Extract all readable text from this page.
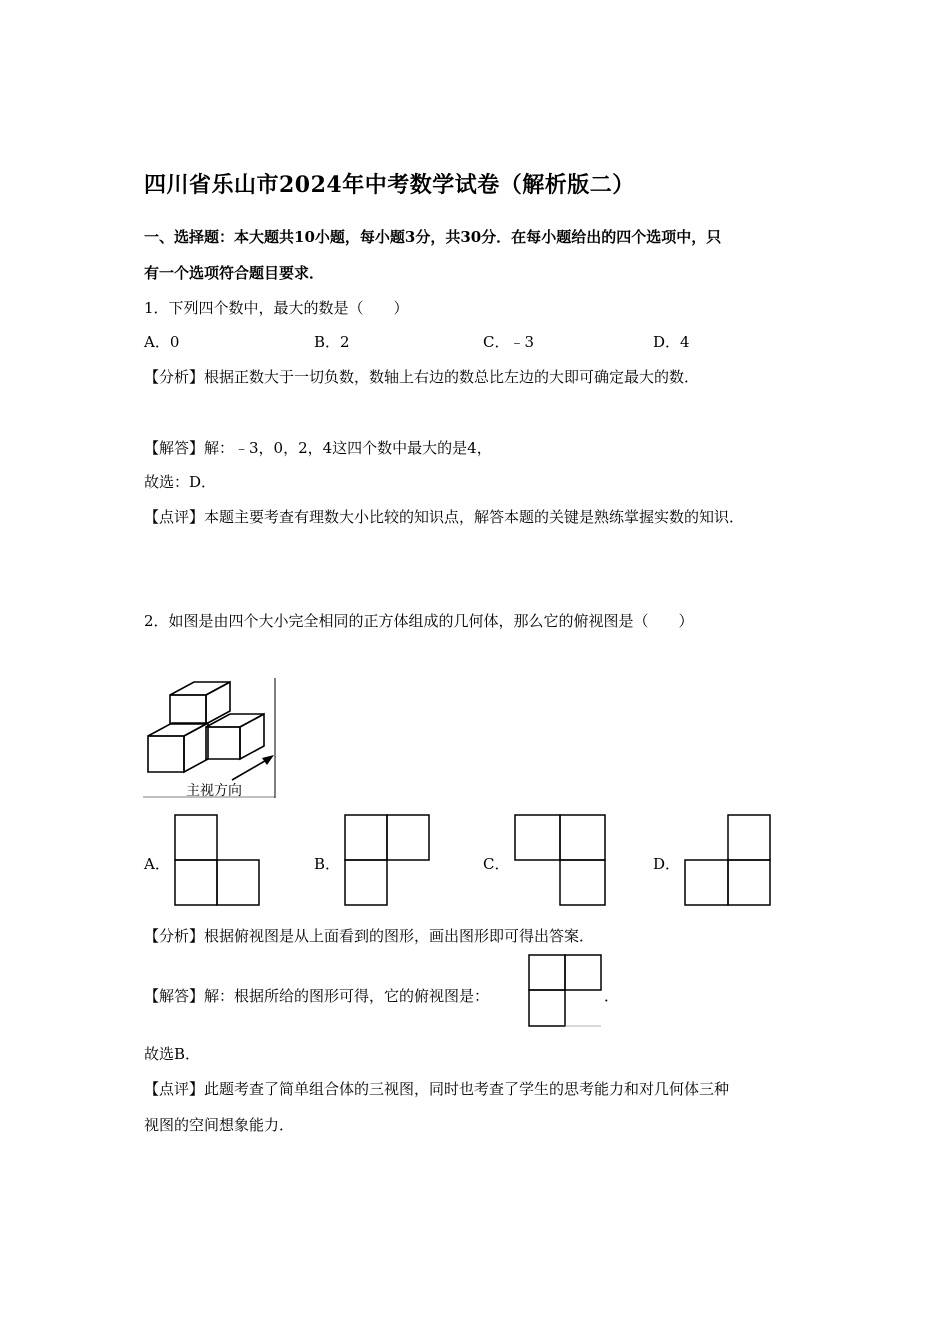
四川省乐山市2024年中考数学试卷（解析版二）
一、选择题：本大题共10小题，每小题3分，共30分．在每小题给出的四个选项中，只
有一个选项符合题目要求．
1．下列四个数中，最大的数是（　　）
A．0	B．2	C．﹣3	D．4
【分析】根据正数大于一切负数，数轴上右边的数总比左边的大即可确定最大的数．
【解答】解：﹣3，0，2，4这四个数中最大的是4，
故选：D．
【点评】本题主要考查有理数大小比较的知识点，解答本题的关键是熟练掌握实数的知识．
2．如图是由四个大小完全相同的正方体组成的几何体，那么它的俯视图是（　　）
主视方向
A．	B．	C．	D．
【分析】根据俯视图是从上面看到的图形，画出图形即可得出答案．
【解答】解：根据所给的图形可得，它的俯视图是：	．
故选B．
【点评】此题考查了简单组合体的三视图，同时也考查了学生的思考能力和对几何体三种
视图的空间想象能力．
